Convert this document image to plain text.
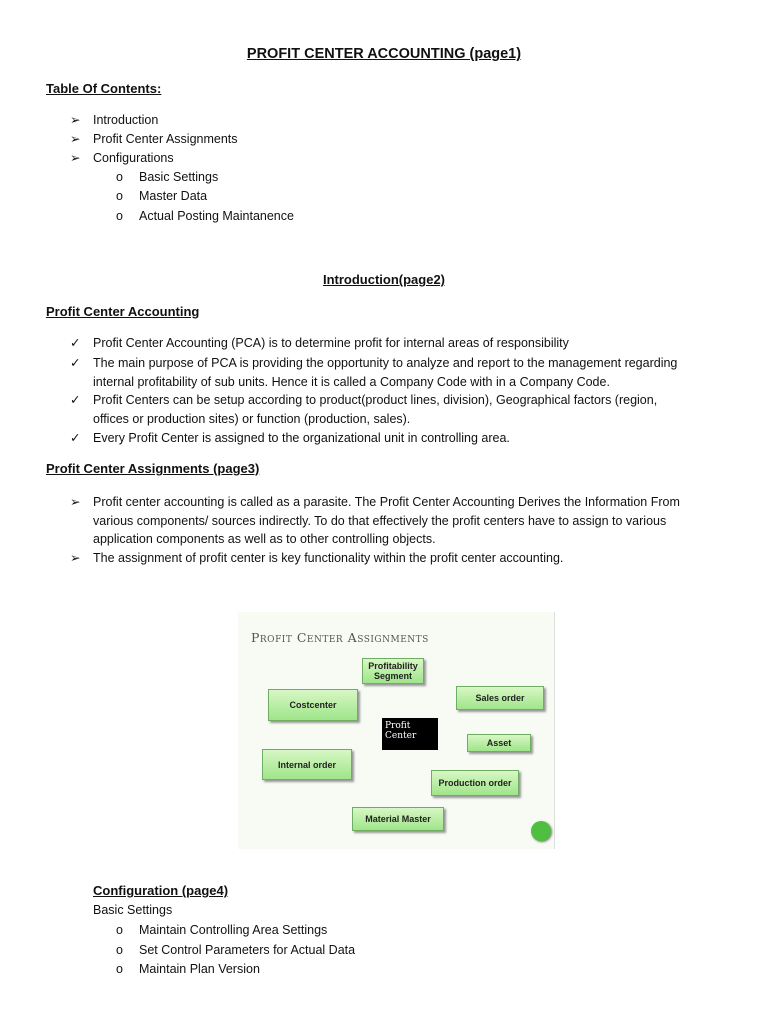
PROFIT CENTER ACCOUNTING (page1)
Table Of Contents:
➢	Introduction
➢	Profit Center Assignments
➢	Configurations
o Basic Settings
o Master Data
o Actual Posting Maintanence
Introduction(page2)
Profit Center Accounting
✓	Profit Center Accounting (PCA) is to determine profit for internal areas of responsibility
✓	The main purpose of PCA is providing the opportunity to analyze and report to the management regarding
internal profitability of sub units. Hence it is called a Company Code with in a Company Code.
✓	Profit Centers can be setup according to product(product lines, division), Geographical factors (region,
offices or production sites) or function (production, sales).
✓	Every Profit Center is assigned to the organizational unit in controlling area.
Profit Center Assignments (page3)
➢	Profit center accounting is called as a parasite. The Profit Center Accounting Derives the Information From
various components/ sources indirectly. To do that effectively the profit centers have to assign to various
application components as well as to other controlling objects.
➢	The assignment of profit center is key functionality within the profit center accounting.
Profit Center Assignments
Profitability
Segment
Costcenter
Sales order
Profit
Center
Asset
Internal order
Production order
Material Master
Configuration (page4)
Basic Settings
o Maintain Controlling Area Settings
o Set Control Parameters for Actual Data
o Maintain Plan Version
